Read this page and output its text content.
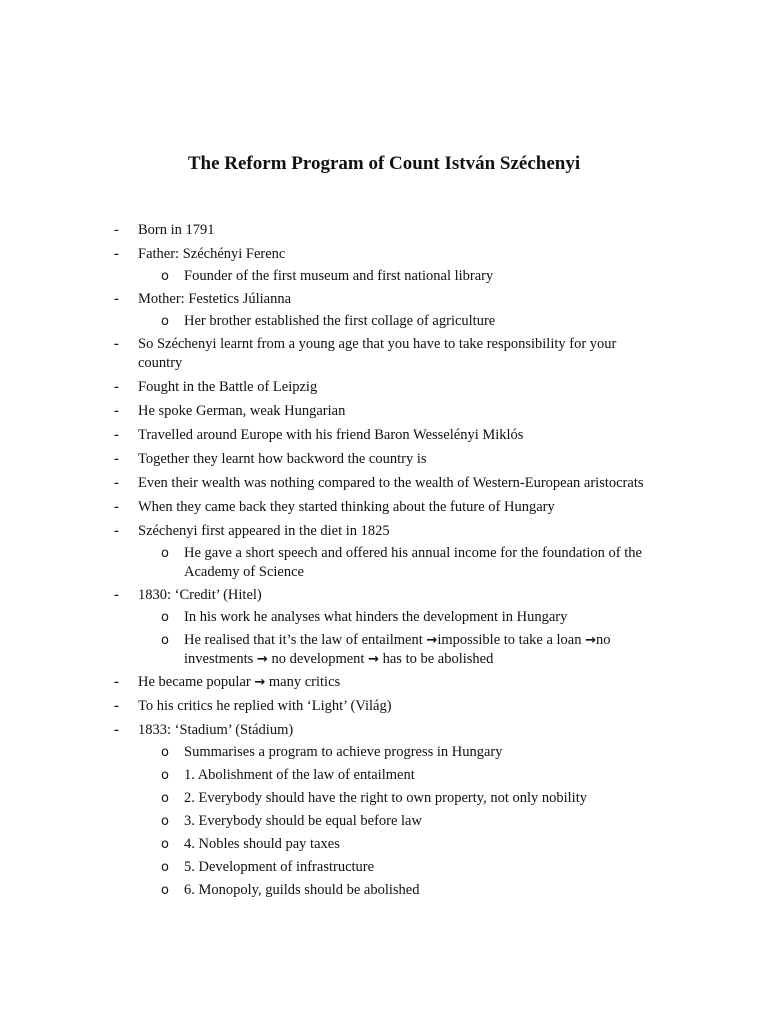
The Reform Program of Count István Széchenyi
-	Born in 1791
-	Father: Széchényi Ferenc
o Founder of the first museum and first national library
-	Mother: Festetics Júlianna
o Her brother established the first collage of agriculture
-	So Széchenyi learnt from a young age that you have to take responsibility for your country
-	Fought in the Battle of Leipzig
-	He spoke German, weak Hungarian
-	Travelled around Europe with his friend Baron Wesselényi Miklós
-	Together they learnt how backword the country is
-	Even their wealth was nothing compared to the wealth of Western-European aristocrats
-	When they came back they started thinking about the future of Hungary
-	Széchenyi first appeared in the diet in 1825
o He gave a short speech and offered his annual income for the foundation of the Academy of Science
-	1830: ‘Credit’ (Hitel)
o In his work he analyses what hinders the development in Hungary
o He realised that it’s the law of entailment →impossible to take a loan →no investments → no development → has to be abolished
-	He became popular → many critics
-	To his critics he replied with ‘Light’ (Világ)
-	1833: ‘Stadium’ (Stádium)
o Summarises a program to achieve progress in Hungary
o 1. Abolishment of the law of entailment
o 2. Everybody should have the right to own property, not only nobility
o 3. Everybody should be equal before law
o 4. Nobles should pay taxes
o 5. Development of infrastructure
o 6. Monopoly, guilds should be abolished
